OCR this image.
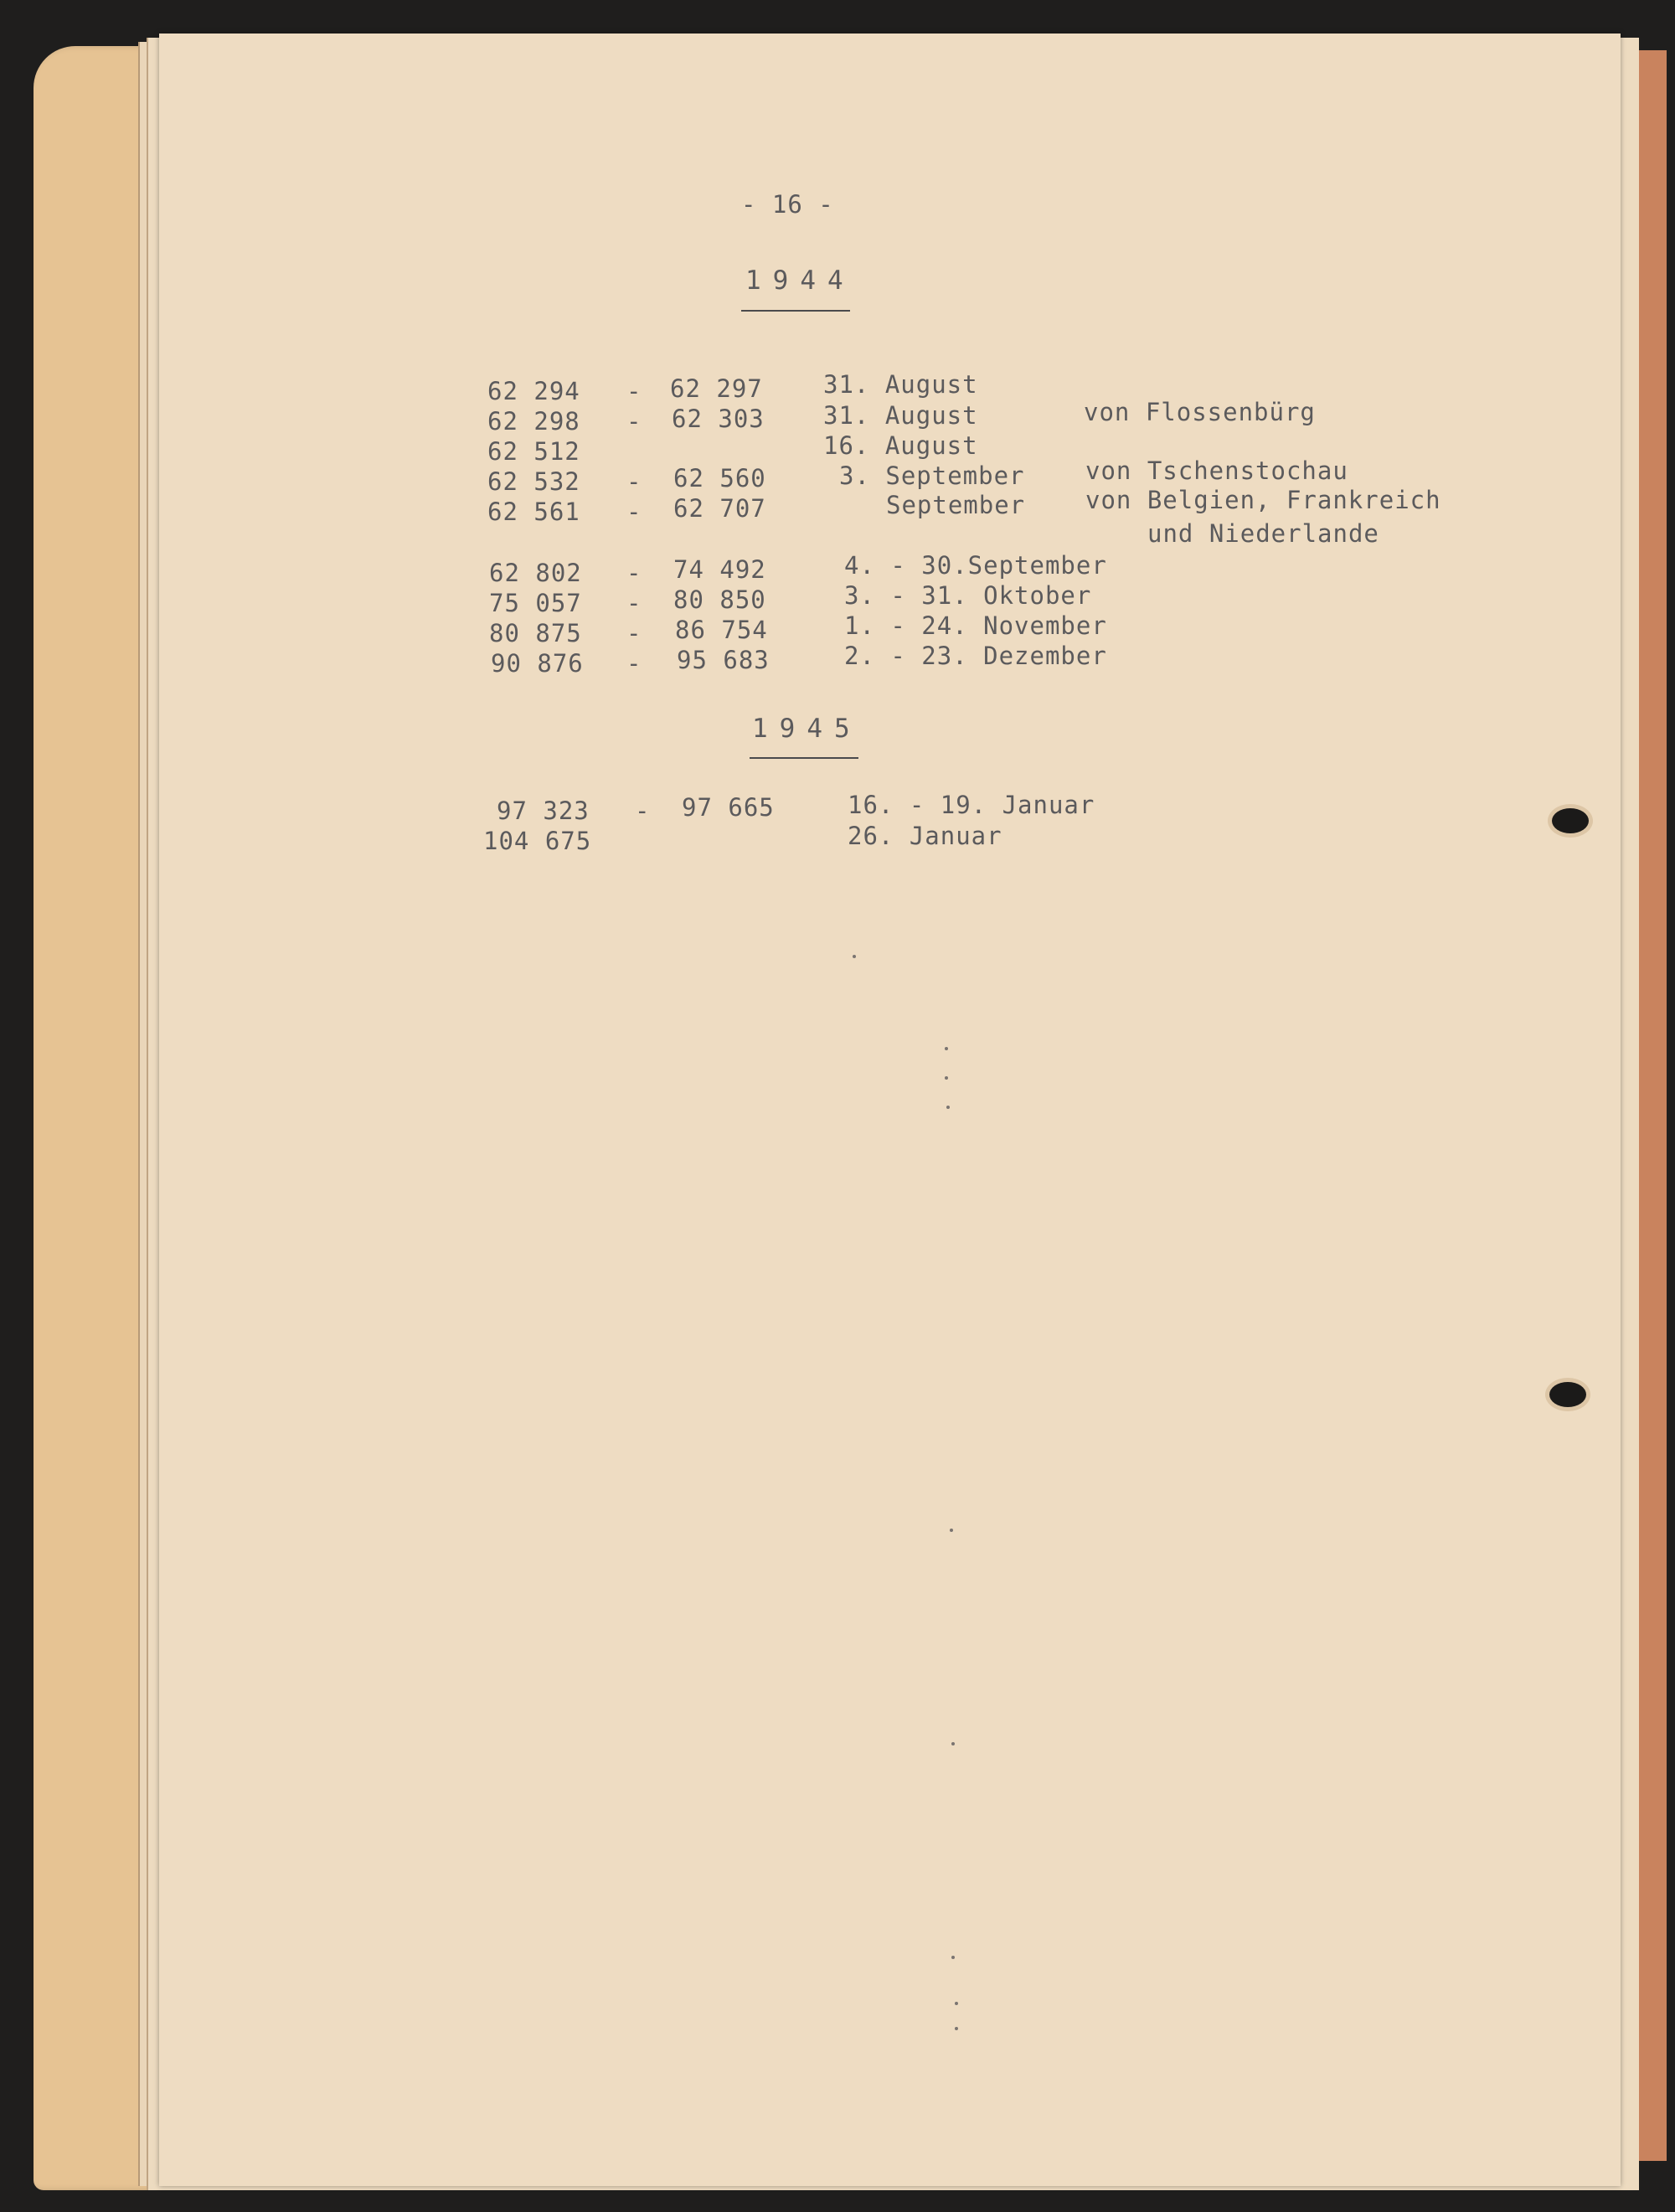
- 16 -
1944
62 294 - 62 297 31. August
62 298 - 62 303 31. August	von Flossenbürg
62 512	16. August
62 532 - 62 560	3. September von Tschenstochau
62 561 - 62 707	September von Belgien, Frankreich
und Niederlande
62 802 - 74 492	4. - 30.September
75 057 - 80 850	3. - 31. Oktober
80 875 - 86 754	1. - 24. November
90 876 - 95 683	2. - 23. Dezember
1945
97 323 - 97 665	16. - 19. Januar
104 675	26. Januar
